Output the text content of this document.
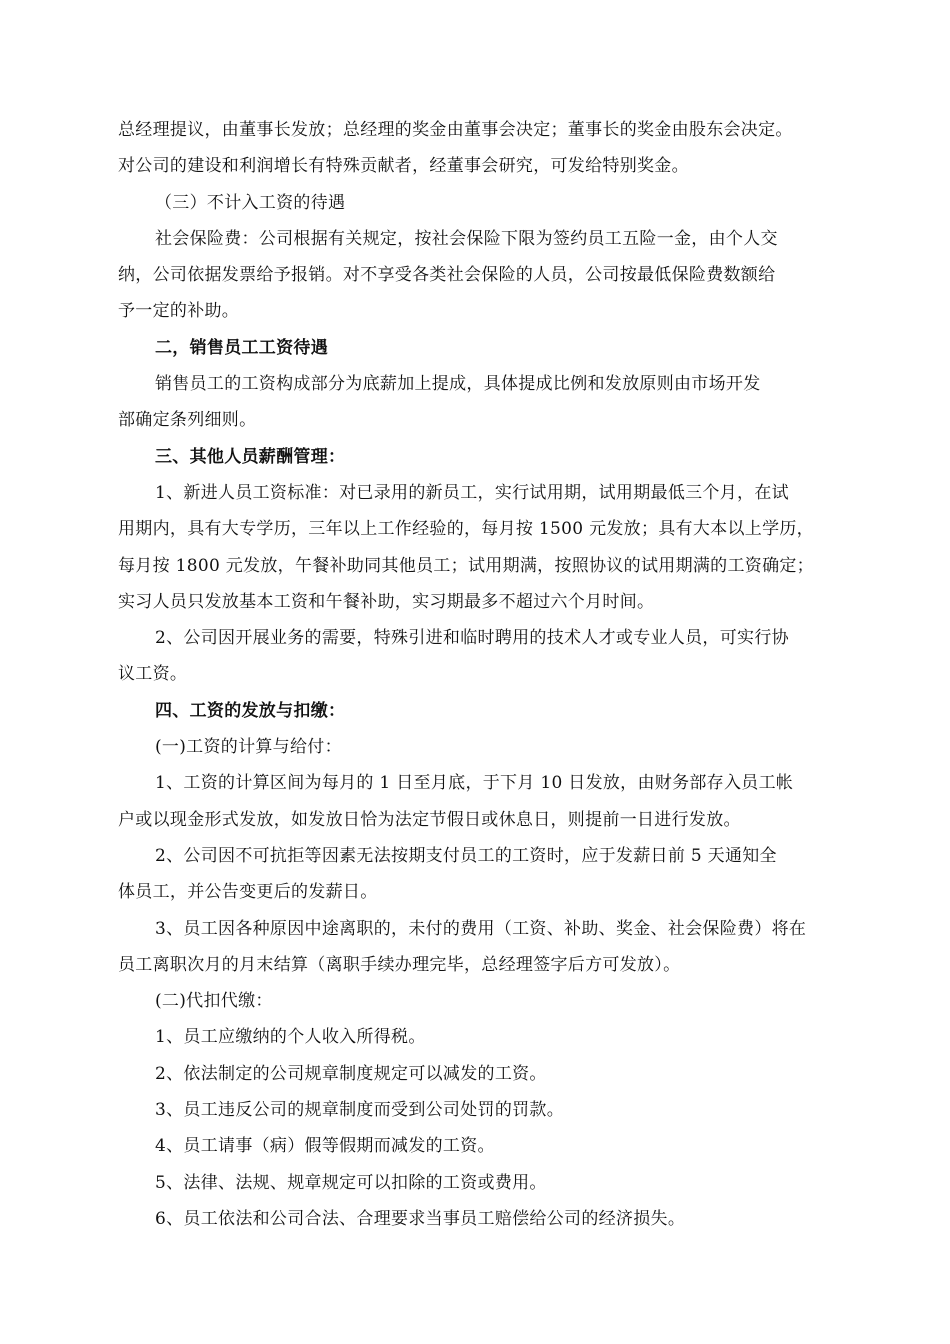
总经理提议，由董事长发放；总经理的奖金由董事会决定；董事长的奖金由股东会决定。
对公司的建设和利润增长有特殊贡献者，经董事会研究，可发给特别奖金。
（三）不计入工资的待遇
社会保险费：公司根据有关规定，按社会保险下限为签约员工五险一金，由个人交
纳，公司依据发票给予报销。对不享受各类社会保险的人员，公司按最低保险费数额给
予一定的补助。
二，销售员工工资待遇
销售员工的工资构成部分为底薪加上提成，具体提成比例和发放原则由市场开发
部确定条列细则。
三、其他人员薪酬管理：
1、新进人员工资标准：对已录用的新员工，实行试用期，试用期最低三个月，在试
用期内，具有大专学历，三年以上工作经验的，每月按 1500 元发放；具有大本以上学历，
每月按 1800 元发放，午餐补助同其他员工；试用期满，按照协议的试用期满的工资确定；
实习人员只发放基本工资和午餐补助，实习期最多不超过六个月时间。
2、公司因开展业务的需要，特殊引进和临时聘用的技术人才或专业人员，可实行协
议工资。
四、工资的发放与扣缴：
(一)工资的计算与给付：
1、工资的计算区间为每月的 1 日至月底，于下月 10 日发放，由财务部存入员工帐
户或以现金形式发放，如发放日恰为法定节假日或休息日，则提前一日进行发放。
2、公司因不可抗拒等因素无法按期支付员工的工资时，应于发薪日前 5 天通知全
体员工，并公告变更后的发薪日。
3、员工因各种原因中途离职的，未付的费用（工资、补助、奖金、社会保险费）将在
员工离职次月的月末结算（离职手续办理完毕，总经理签字后方可发放）。
(二)代扣代缴：
1、员工应缴纳的个人收入所得税。
2、依法制定的公司规章制度规定可以减发的工资。
3、员工违反公司的规章制度而受到公司处罚的罚款。
4、员工请事（病）假等假期而减发的工资。
5、法律、法规、规章规定可以扣除的工资或费用。
6、员工依法和公司合法、合理要求当事员工赔偿给公司的经济损失。
